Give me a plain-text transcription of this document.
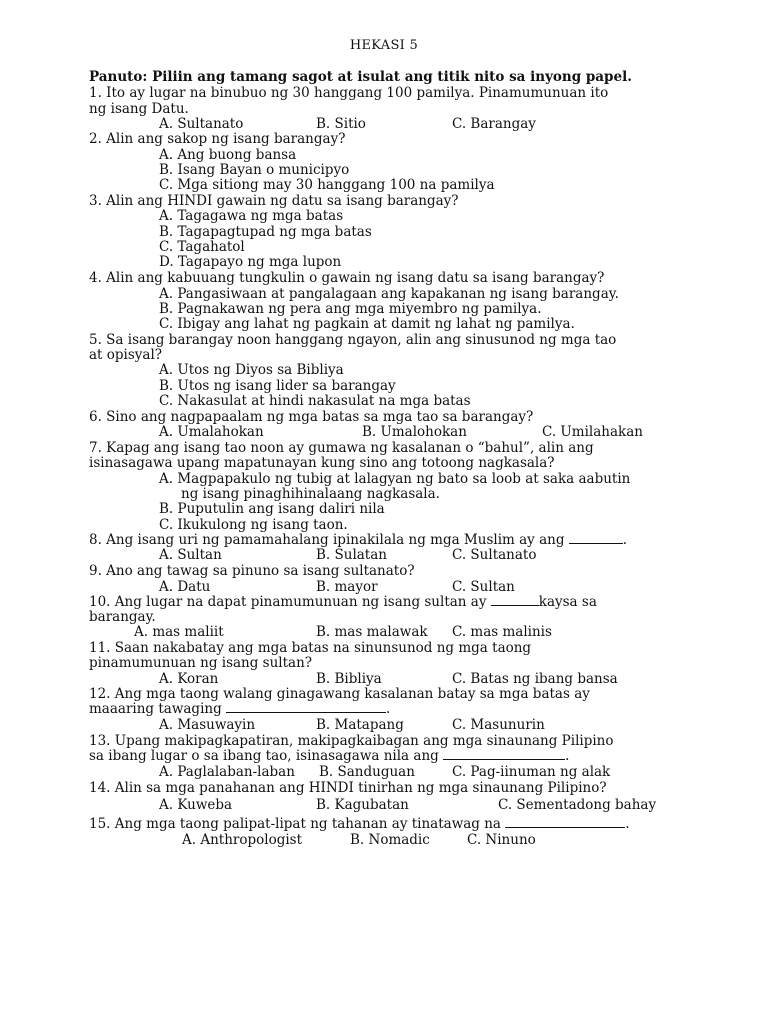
HEKASI 5
Panuto: Piliin ang tamang sagot at isulat ang titik nito sa inyong papel.
1. Ito ay lugar na binubuo ng 30 hanggang 100 pamilya. Pinamumunuan ito
ng isang Datu.
A. Sultanato	B. Sitio	C. Barangay
2. Alin ang sakop ng isang barangay?
A. Ang buong bansa
B. Isang Bayan o municipyo
C. Mga sitiong may 30 hanggang 100 na pamilya
3. Alin ang HINDI gawain ng datu sa isang barangay?
A. Tagagawa ng mga batas
B. Tagapagtupad ng mga batas
C. Tagahatol
D. Tagapayo ng mga lupon
4. Alin ang kabuuang tungkulin o gawain ng isang datu sa isang barangay?
A. Pangasiwaan at pangalagaan ang kapakanan ng isang barangay.
B. Pagnakawan ng pera ang mga miyembro ng pamilya.
C. Ibigay ang lahat ng pagkain at damit ng lahat ng pamilya.
5. Sa isang barangay noon hanggang ngayon, alin ang sinusunod ng mga tao
at opisyal?
A. Utos ng Diyos sa Bibliya
B. Utos ng isang lider sa barangay
C. Nakasulat at hindi nakasulat na mga batas
6. Sino ang nagpapaalam ng mga batas sa mga tao sa barangay?
A. Umalahokan	B. Umalohokan	C. Umilahakan
7. Kapag ang isang tao noon ay gumawa ng kasalanan o “bahul”, alin ang
isinasagawa upang mapatunayan kung sino ang totoong nagkasala?
A. Magpapakulo ng tubig at lalagyan ng bato sa loob at saka aabutin
ng isang pinaghihinalaang nagkasala.
B. Puputulin ang isang daliri nila
C. Ikukulong ng isang taon.
8. Ang isang uri ng pamamahalang ipinakilala ng mga Muslim ay ang	.
A. Sultan	B. Sulatan	C. Sultanato
9. Ano ang tawag sa pinuno sa isang sultanato?
A. Datu	B. mayor	C. Sultan
10. Ang lugar na dapat pinamumunuan ng isang sultan ay	kaysa sa
barangay.
A. mas maliit	B. mas malawak C. mas malinis
11. Saan nakabatay ang mga batas na sinunsunod ng mga taong
pinamumunuan ng isang sultan?
A. Koran	B. Bibliya	C. Batas ng ibang bansa
12. Ang mga taong walang ginagawang kasalanan batay sa mga batas ay
maaaring tawaging	.
A. Masuwayin	B. Matapang	C. Masunurin
13. Upang makipagkapatiran, makipagkaibagan ang mga sinaunang Pilipino
sa ibang lugar o sa ibang tao, isinasagawa nila ang	.
A. Paglalaban-laban B. Sanduguan	C. Pag-iinuman ng alak
14. Alin sa mga panahanan ang HINDI tinirhan ng mga sinaunang Pilipino?
A. Kuweba	B. Kagubatan	C. Sementadong bahay
15. Ang mga taong palipat-lipat ng tahanan ay tinatawag na	.
A. Anthropologist	B. Nomadic	C. Ninuno
